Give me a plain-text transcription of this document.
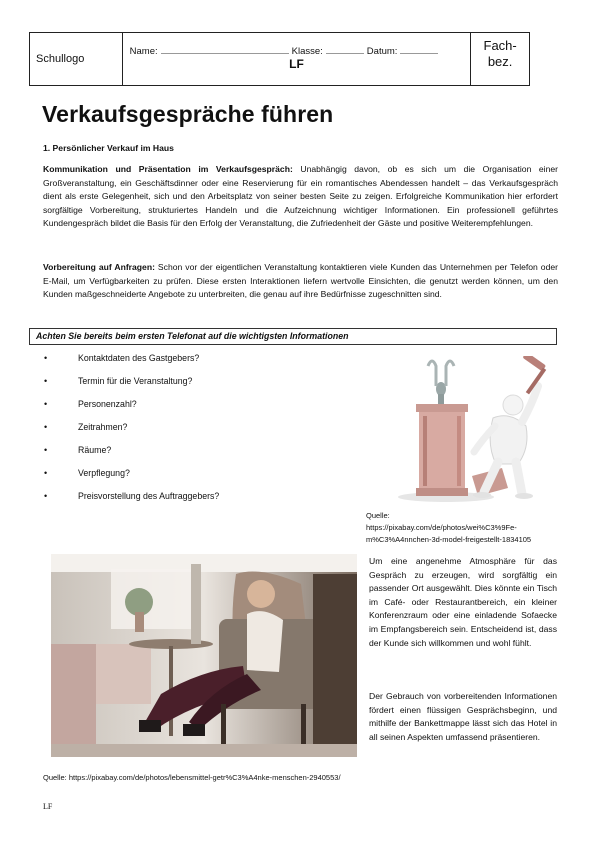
Schullogo
Name:	Klasse:	Datum:
LF
Fach-
bez.
Verkaufsgespräche führen
1. Persönlicher Verkauf im Haus
Kommunikation und Präsentation im Verkaufsgespräch: Unabhängig davon, ob es sich um die Organisation einer Großveranstaltung, ein Geschäftsdinner oder eine Reservierung für ein romantisches Abendessen handelt – das Verkaufsgespräch dient als erste Gelegenheit, sich und den Arbeitsplatz von seiner besten Seite zu zeigen. Erfolgreiche Kommunikation hier erfordert sorgfältige Vorbereitung, strukturiertes Handeln und die Aufzeichnung wichtiger Informationen. Ein professionell geführtes Kundengespräch bildet die Basis für den Erfolg der Veranstaltung, die Zufriedenheit der Gäste und positive Weiterempfehlungen.
Vorbereitung auf Anfragen: Schon vor der eigentlichen Veranstaltung kontaktieren viele Kunden das Unternehmen per Telefon oder E-Mail, um Verfügbarkeiten zu prüfen. Diese ersten Interaktionen liefern wertvolle Einsichten, die genutzt werden können, um den Kunden maßgeschneiderte Angebote zu unterbreiten, die genau auf ihre Bedürfnisse zugeschnitten sind.
Achten Sie bereits beim ersten Telefonat auf die wichtigsten Informationen
•	Kontaktdaten des Gastgebers?
•	Termin für die Veranstaltung?
•	Personenzahl?
•	Zeitrahmen?
•	Räume?
•	Verpflegung?
•	Preisvorstellung des Auftraggebers?
Quelle:
https://pixabay.com/de/photos/wei%C3%9Fe-m%C3%A4nnchen-3d-model-freigestellt-1834105
Um eine angenehme Atmosphäre für das Gespräch zu erzeugen, wird sorgfältig ein passender Ort ausgewählt. Dies könnte ein Tisch im Café- oder Restaurantbereich, ein kleiner Konferenzraum oder eine einladende Sofaecke im Empfangsbereich sein. Entscheidend ist, dass der Kunde sich willkommen und wohl fühlt.
Der Gebrauch von vorbereitenden Informationen fördert einen flüssigen Gesprächsbeginn, und mithilfe der Bankettmappe lässt sich das Hotel in all seinen Aspekten umfassend präsentieren.
Quelle: https://pixabay.com/de/photos/lebensmittel-getr%C3%A4nke-menschen-2940553/
LF
